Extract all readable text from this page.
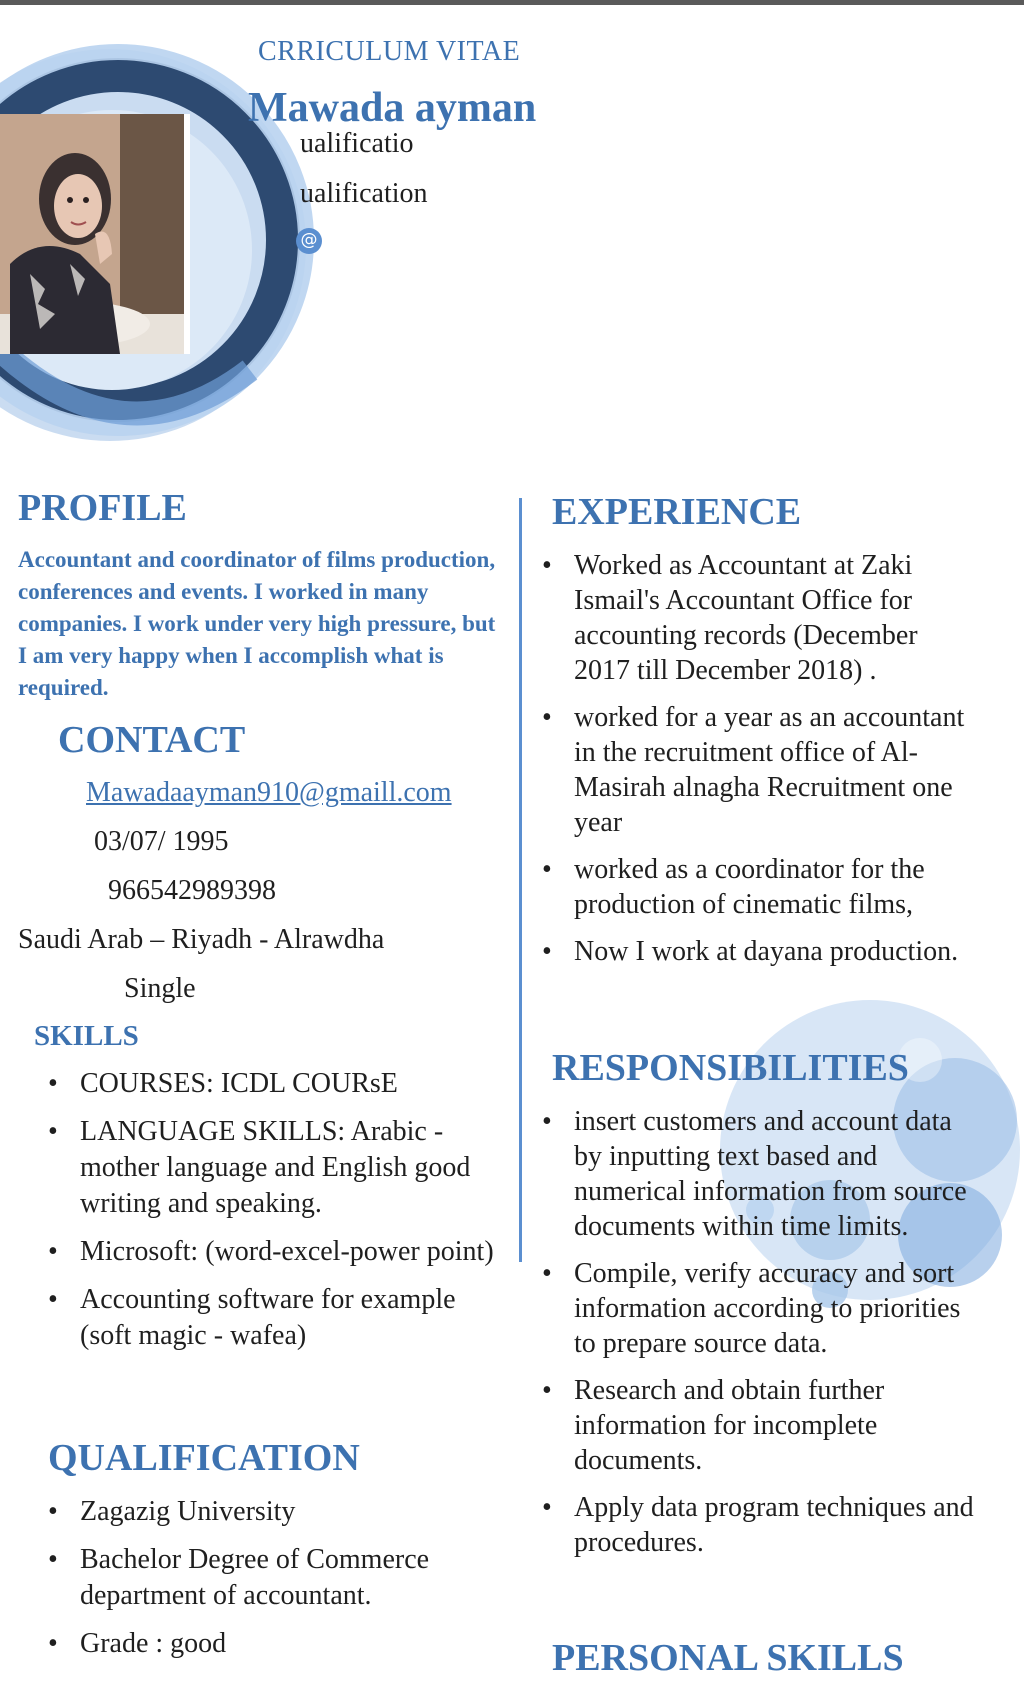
CRRICULUM VITAE
Mawada ayman
ualificatio
ualification
@
PROFILE
Accountant and coordinator of films production, conferences and events. I worked in many companies. I work under very high pressure, but I am very happy when I accomplish what is required.
CONTACT
Mawadaayman910@gmaill.com
03/07/ 1995
966542989398
Saudi Arab – Riyadh - Alrawdha
Single
SKILLS
• COURSES: ICDL COURsE
• LANGUAGE SKILLS: Arabic - mother language and English good writing and speaking.
• Microsoft: (word-excel-power point)
• Accounting software for example (soft magic - wafea)
QUALIFICATION
• Zagazig University
• Bachelor Degree of Commerce department of accountant.
• Grade : good
EXPERIENCE
• Worked as Accountant at Zaki Ismail's Accountant Office for accounting records (December 2017 till December 2018) .
• worked for a year as an accountant in the recruitment office of Al-Masirah alnagha Recruitment one year
• worked as a coordinator for the production of cinematic films,
• Now I work at dayana production.
RESPONSIBILITIES
• insert customers and account data by inputting text based and numerical information from source documents within time limits.
• Compile, verify accuracy and sort information according to priorities to prepare source data.
• Research and obtain further information for incomplete documents.
• Apply data program techniques and procedures.
PERSONAL SKILLS
